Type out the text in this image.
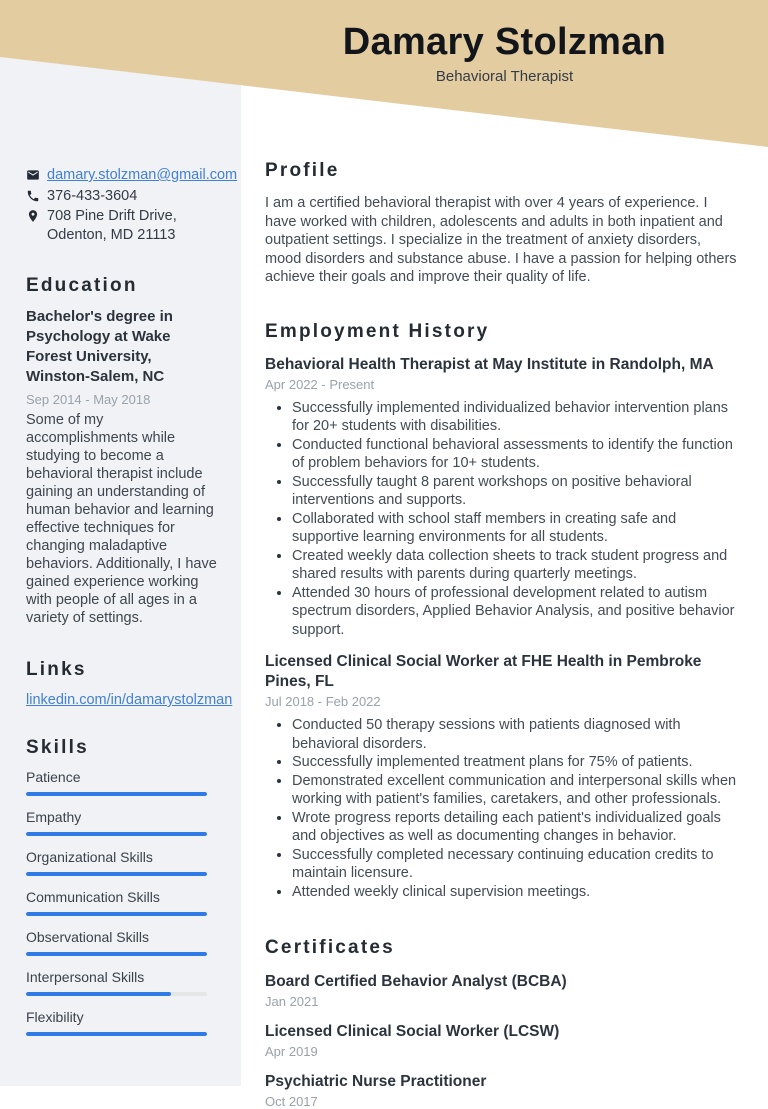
Damary Stolzman
Behavioral Therapist
damary.stolzman@gmail.com
376-433-3604
708 Pine Drift Drive, Odenton, MD 21113
Education
Bachelor's degree in Psychology at Wake Forest University, Winston-Salem, NC
Sep 2014 - May 2018
Some of my accomplishments while studying to become a behavioral therapist include gaining an understanding of human behavior and learning effective techniques for changing maladaptive behaviors. Additionally, I have gained experience working with people of all ages in a variety of settings.
Links
linkedin.com/in/damarystolzman
Skills
Patience
Empathy
Organizational Skills
Communication Skills
Observational Skills
Interpersonal Skills
Flexibility
Profile
I am a certified behavioral therapist with over 4 years of experience. I have worked with children, adolescents and adults in both inpatient and outpatient settings. I specialize in the treatment of anxiety disorders, mood disorders and substance abuse. I have a passion for helping others achieve their goals and improve their quality of life.
Employment History
Behavioral Health Therapist at May Institute in Randolph, MA
Apr 2022 - Present
• Successfully implemented individualized behavior intervention plans for 20+ students with disabilities.
• Conducted functional behavioral assessments to identify the function of problem behaviors for 10+ students.
• Successfully taught 8 parent workshops on positive behavioral interventions and supports.
• Collaborated with school staff members in creating safe and supportive learning environments for all students.
• Created weekly data collection sheets to track student progress and shared results with parents during quarterly meetings.
• Attended 30 hours of professional development related to autism spectrum disorders, Applied Behavior Analysis, and positive behavior support.
Licensed Clinical Social Worker at FHE Health in Pembroke Pines, FL
Jul 2018 - Feb 2022
• Conducted 50 therapy sessions with patients diagnosed with behavioral disorders.
• Successfully implemented treatment plans for 75% of patients.
• Demonstrated excellent communication and interpersonal skills when working with patient's families, caretakers, and other professionals.
• Wrote progress reports detailing each patient's individualized goals and objectives as well as documenting changes in behavior.
• Successfully completed necessary continuing education credits to maintain licensure.
• Attended weekly clinical supervision meetings.
Certificates
Board Certified Behavior Analyst (BCBA)
Jan 2021
Licensed Clinical Social Worker (LCSW)
Apr 2019
Psychiatric Nurse Practitioner
Oct 2017
